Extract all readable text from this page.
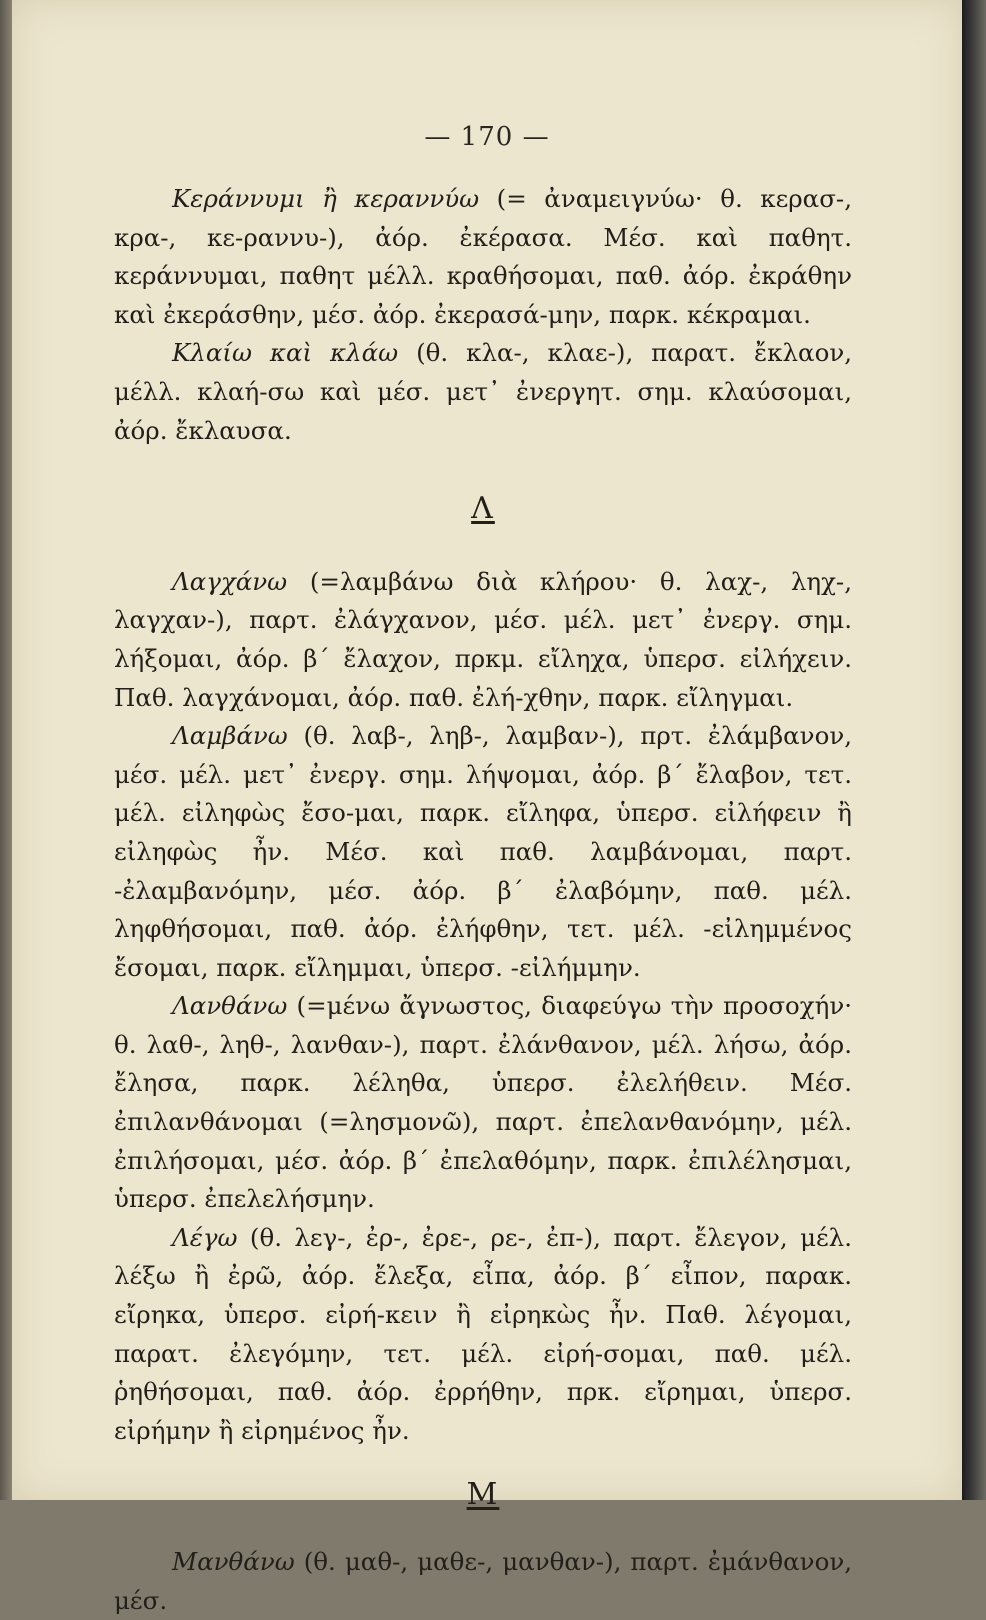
— 170 —

Κεράννυμι ἢ κεραννύω (= ἀναμειγνύω· θ. κερασ-, κρα-, κε-ραννυ-), ἀόρ. ἐκέρασα. Μέσ. καὶ παθητ. κεράννυμαι, παθητ μέλλ. κραθήσομαι, παθ. ἀόρ. ἐκράθην καὶ ἐκεράσθην, μέσ. ἀόρ. ἐκερασά-μην, παρκ. κέκραμαι.

Κλαίω καὶ κλάω (θ. κλα-, κλαε-), παρατ. ἔκλαον, μέλλ. κλαή-σω καὶ μέσ. μετ᾽ ἐνεργητ. σημ. κλαύσομαι, ἀόρ. ἔκλαυσα.

Λ

Λαγχάνω (=λαμβάνω διὰ κλήρου· θ. λαχ-, ληχ-, λαγχαν-), παρτ. ἐλάγχανον, μέσ. μέλ. μετ᾽ ἐνεργ. σημ. λήξομαι, ἀόρ. β΄ ἔλαχον, πρκμ. εἴληχα, ὑπερσ. εἰλήχειν. Παθ. λαγχάνομαι, ἀόρ. παθ. ἐλή-χθην, παρκ. εἴληγμαι.

Λαμβάνω (θ. λαβ-, ληβ-, λαμβαν-), πρτ. ἐλάμβανον, μέσ. μέλ. μετ᾽ ἐνεργ. σημ. λήψομαι, ἀόρ. β΄ ἔλαβον, τετ. μέλ. εἰληφὼς ἔσο-μαι, παρκ. εἴληφα, ὑπερσ. εἰλήφειν ἢ εἰληφὼς ἦν. Μέσ. καὶ παθ. λαμβάνομαι, παρτ. -ἐλαμβανόμην, μέσ. ἀόρ. β΄ ἐλαβόμην, παθ. μέλ. ληφθήσομαι, παθ. ἀόρ. ἐλήφθην, τετ. μέλ. -εἰλημμένος ἔσομαι, παρκ. εἴλημμαι, ὑπερσ. -εἰλήμμην.

Λανθάνω (=μένω ἄγνωστος, διαφεύγω τὴν προσοχήν· θ. λαθ-, ληθ-, λανθαν-), παρτ. ἐλάνθανον, μέλ. λήσω, ἀόρ. ἔλησα, παρκ. λέληθα, ὑπερσ. ἐλελήθειν. Μέσ. ἐπιλανθάνομαι (=λησμονῶ), παρτ. ἐπελανθανόμην, μέλ. ἐπιλήσομαι, μέσ. ἀόρ. β΄ ἐπελαθόμην, παρκ. ἐπιλέλησμαι, ὑπερσ. ἐπελελήσμην.

Λέγω (θ. λεγ-, ἐρ-, ἐρε-, ρε-, ἐπ-), παρτ. ἔλεγον, μέλ. λέξω ἢ ἐρῶ, ἀόρ. ἔλεξα, εἶπα, ἀόρ. β΄ εἶπον, παρακ. εἴρηκα, ὑπερσ. εἰρή-κειν ἢ εἰρηκὼς ἦν. Παθ. λέγομαι, παρατ. ἐλεγόμην, τετ. μέλ. εἰρή-σομαι, παθ. μέλ. ῥηθήσομαι, παθ. ἀόρ. ἐρρήθην, πρκ. εἴρημαι, ὑπερσ. εἰρήμην ἢ εἰρημένος ἦν.

Μ

Μανθάνω (θ. μαθ-, μαθε-, μανθαν-), παρτ. ἐμάνθανον, μέσ.
